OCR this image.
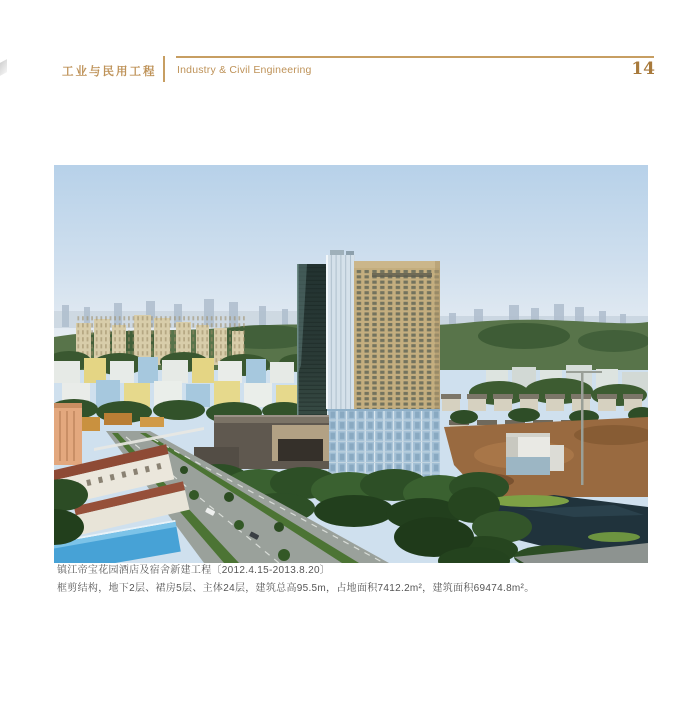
工业与民用工程 Industry & Civil Engineering	14

镇江帝宝花园酒店及宿舍新建工程〔2012.4.15-2013.8.20〕

框剪结构，地下2层、裙房5层、主体24层，建筑总高95.5m，占地面积7412.2m²，建筑面积69474.8m²。
